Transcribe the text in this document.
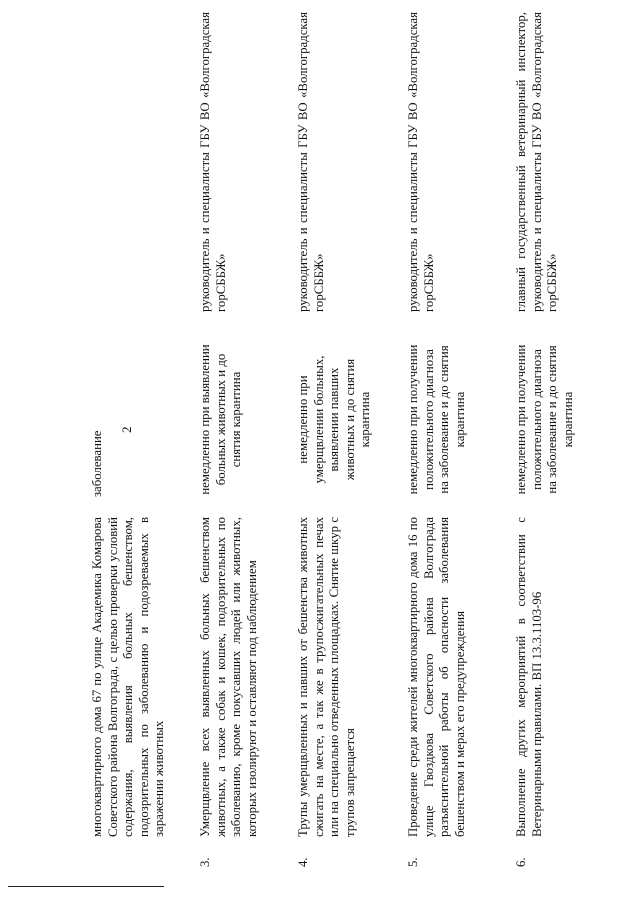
2
	многоквартирного дома 67 по улице Академика Комарова Советского района Волгограда, с целью проверки условий содержания, выявления больных бешенством, подозрительных по заболеванию и подозреваемых в заражении животных	заболевание	
3.	Умерщвление всех выявленных больных бешенством животных, а также собак и кошек, подозрительных по заболеванию, кроме покусавших людей или животных, которых изолируют и оставляют под наблюдением	немедленно при выявлении больных животных и до снятия карантина	руководитель и специалисты ГБУ ВО «Волгоградская горСББЖ»
4.	Трупы умерщвленных и павших от бешенства животных сжигать на месте, а так же в трупосжигательных печах или на специально отведенных площадках. Снятие шкур с трупов запрещается	немедленно при умерщвлении больных, выявлении павших животных и до снятия карантина	руководитель и специалисты ГБУ ВО «Волгоградская горСББЖ»
5.	Проведение среди жителей многоквартирного дома 16 по улице Гвоздкова Советского района Волгограда разъяснительной работы об опасности заболевания бешенством и мерах его предупреждения	немедленно при получении положительного диагноза на заболевание и до снятия карантина	руководитель и специалисты ГБУ ВО «Волгоградская горСББЖ»
6.	Выполнение других мероприятий в соответствии с Ветеринарными правилами. ВП 13.3.1103-96	немедленно при получении положительного диагноза на заболевание и до снятия карантина	главный государственный ветеринарный инспектор, руководитель и специалисты ГБУ ВО «Волгоградская горСББЖ»
